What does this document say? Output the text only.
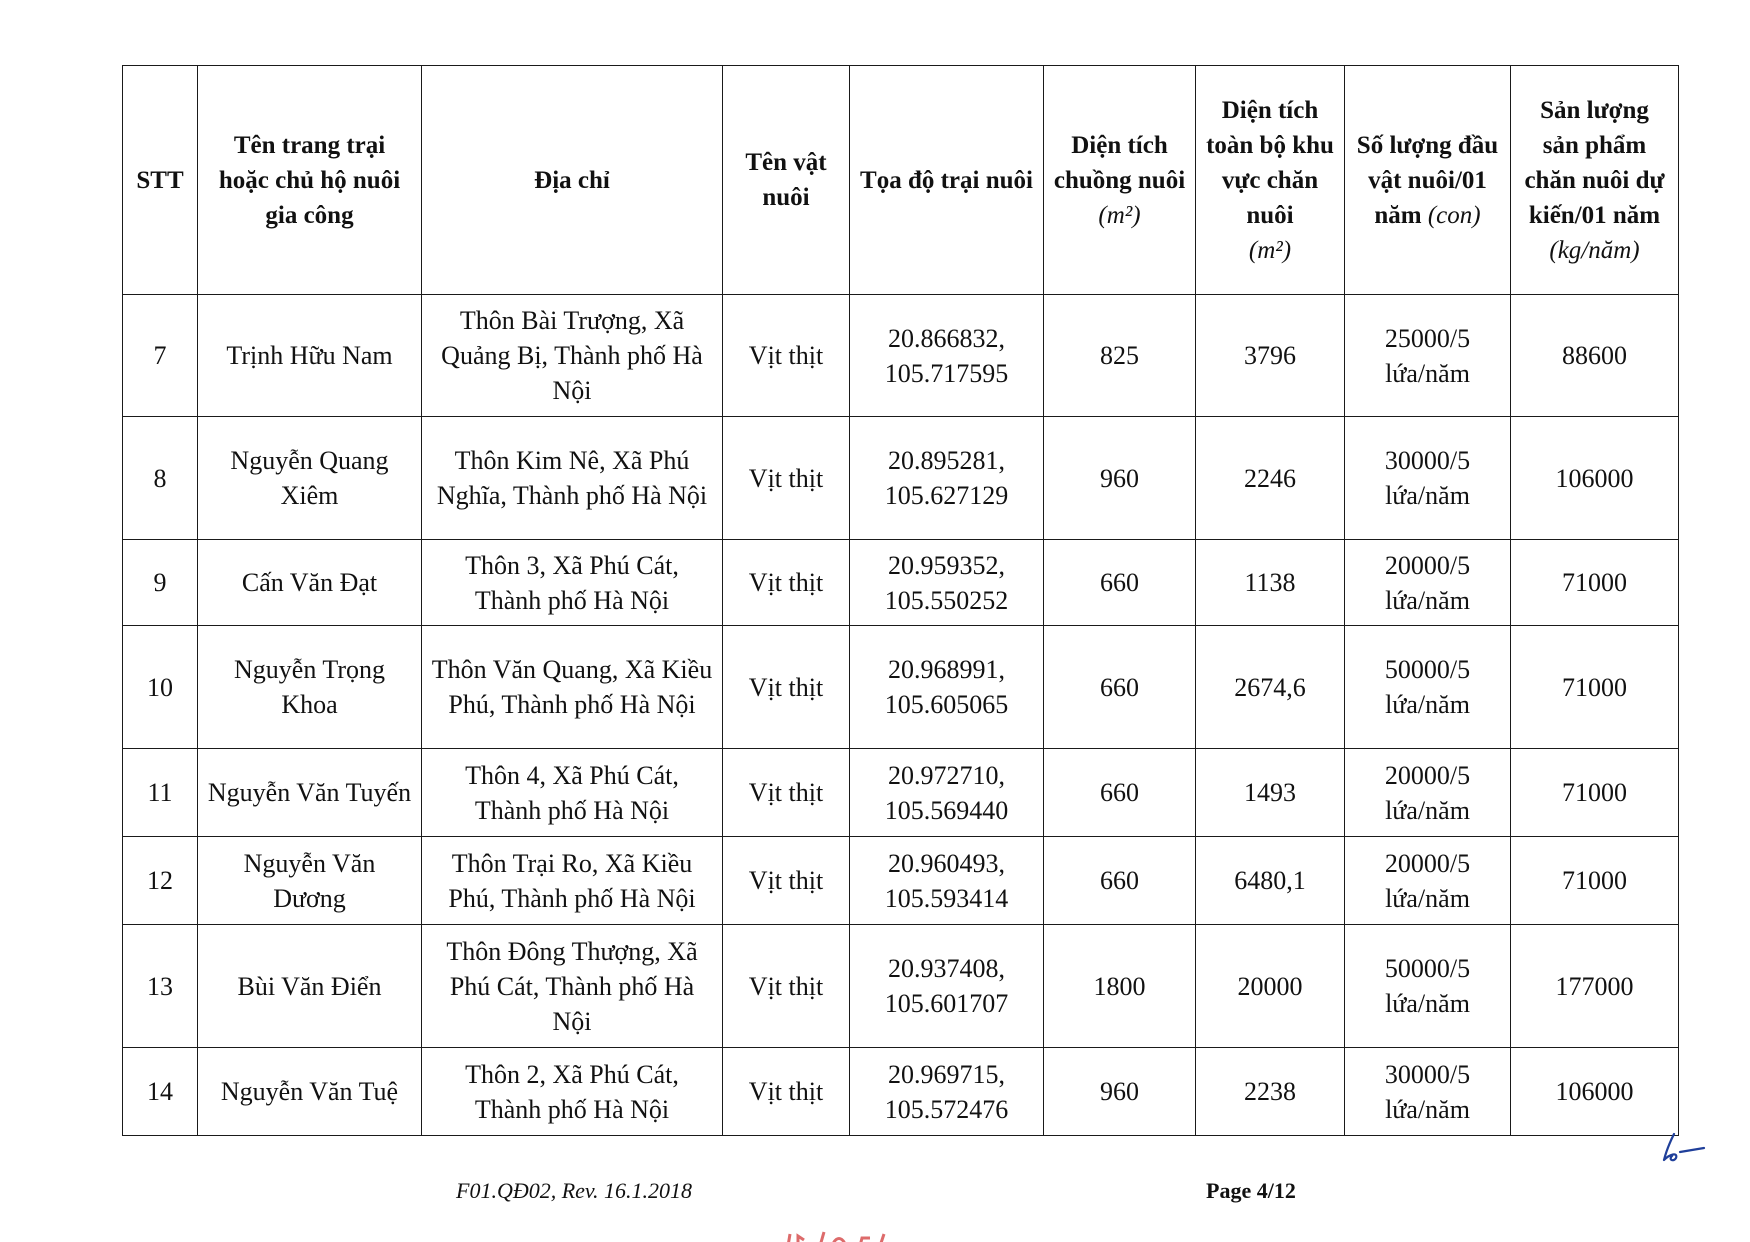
STT	Tên trang trại hoặc chủ hộ nuôi gia công	Địa chỉ	Tên vật nuôi	Tọa độ trại nuôi	Diện tích chuồng nuôi (m²)	Diện tích toàn bộ khu vực chăn nuôi
(m²)	Số lượng đầu vật nuôi/01 năm (con)	Sản lượng sản phẩm chăn nuôi dự kiến/01 năm
(kg/năm)
7	Trịnh Hữu Nam	Thôn Bài Trượng, Xã Quảng Bị, Thành phố Hà Nội	Vịt thịt	20.866832, 105.717595	825	3796	25000/5 lứa/năm	88600
8	Nguyễn Quang Xiêm	Thôn Kim Nê, Xã Phú Nghĩa, Thành phố Hà Nội	Vịt thịt	20.895281, 105.627129	960	2246	30000/5 lứa/năm	106000
9	Cấn Văn Đạt	Thôn 3, Xã Phú Cát, Thành phố Hà Nội	Vịt thịt	20.959352, 105.550252	660	1138	20000/5 lứa/năm	71000
10	Nguyễn Trọng Khoa	Thôn Văn Quang, Xã Kiều Phú, Thành phố Hà Nội	Vịt thịt	20.968991, 105.605065	660	2674,6	50000/5 lứa/năm	71000
11	Nguyễn Văn Tuyến	Thôn 4, Xã Phú Cát, Thành phố Hà Nội	Vịt thịt	20.972710, 105.569440	660	1493	20000/5 lứa/năm	71000
12	Nguyễn Văn Dương	Thôn Trại Ro, Xã Kiều Phú, Thành phố Hà Nội	Vịt thịt	20.960493, 105.593414	660	6480,1	20000/5 lứa/năm	71000
13	Bùi Văn Điển	Thôn Đông Thượng, Xã Phú Cát, Thành phố Hà Nội	Vịt thịt	20.937408, 105.601707	1800	20000	50000/5 lứa/năm	177000
14	Nguyễn Văn Tuệ	Thôn 2, Xã Phú Cát, Thành phố Hà Nội	Vịt thịt	20.969715, 105.572476	960	2238	30000/5 lứa/năm	106000
F01.QĐ02, Rev. 16.1.2018	Page 4/12
